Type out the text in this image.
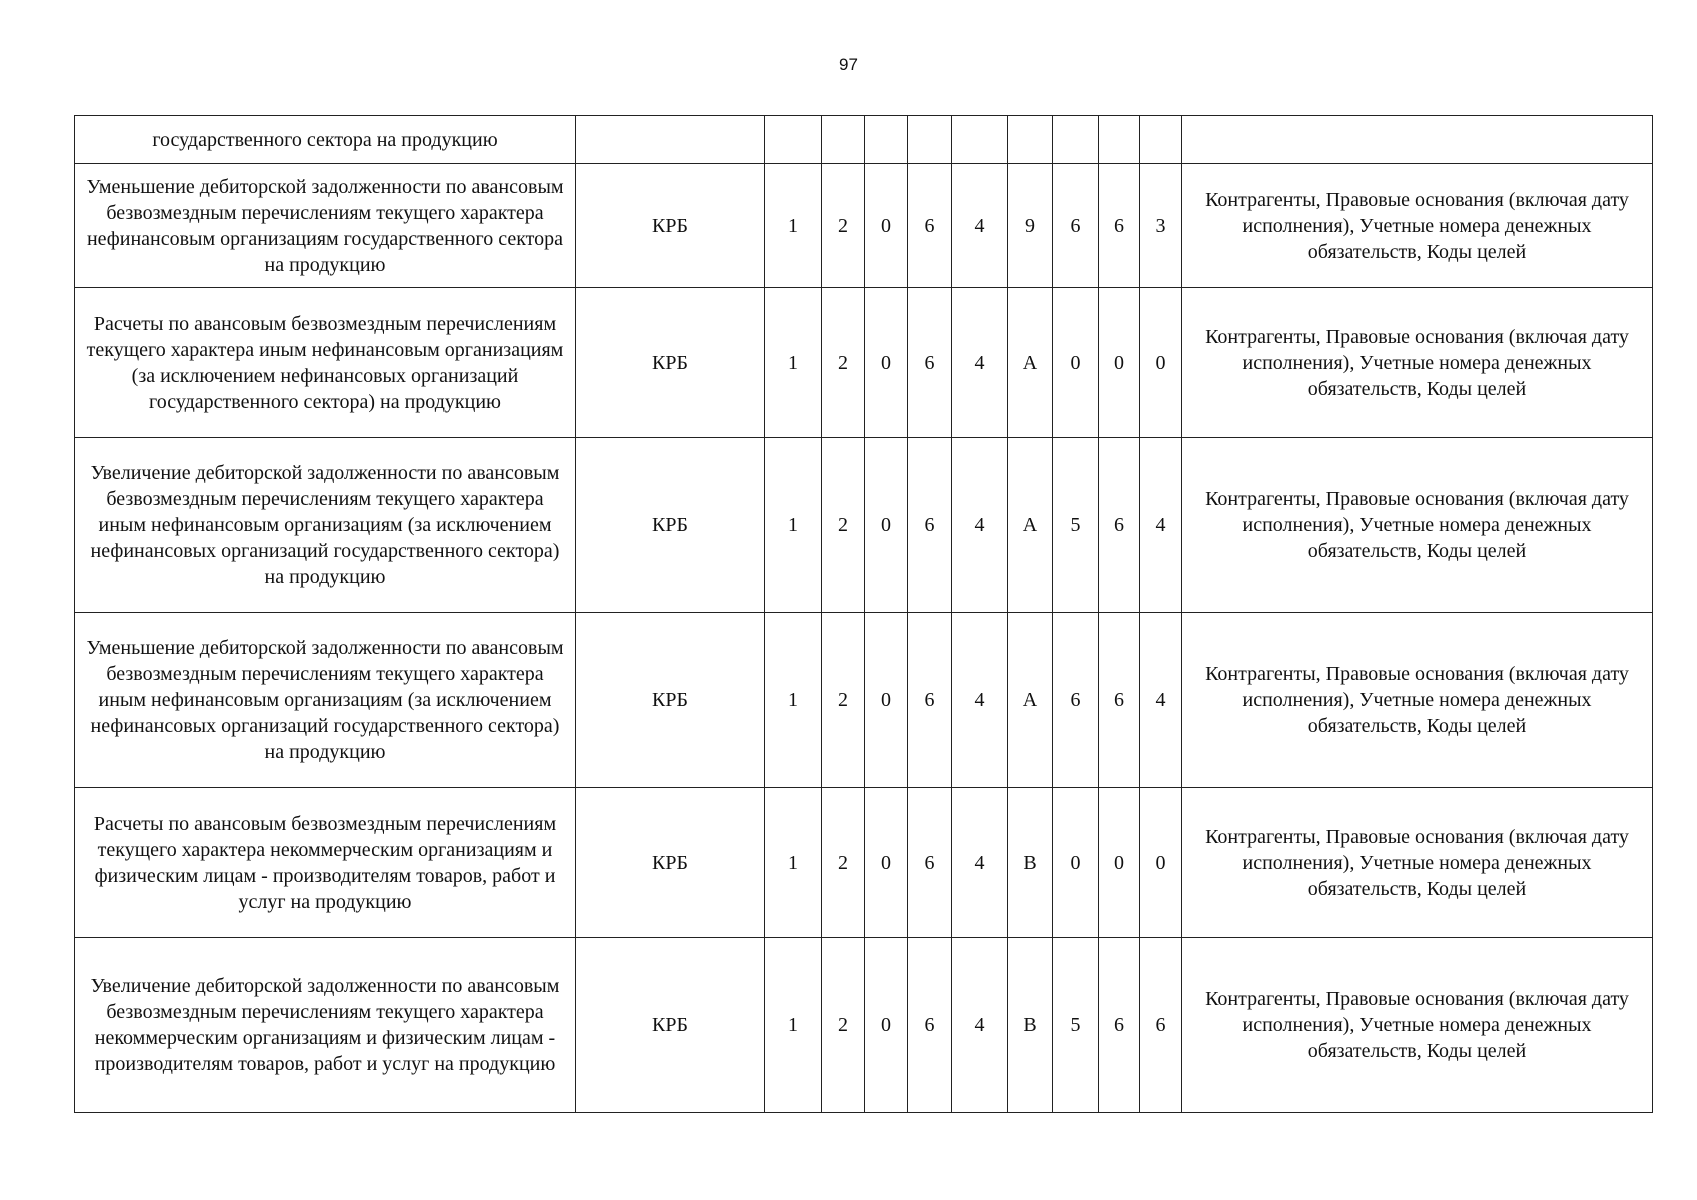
97
государственного сектора на продукцию											
Уменьшение дебиторской задолженности по авансовым безвозмездным перечислениям текущего характера нефинансовым организациям государственного сектора на продукцию	КРБ	1	2	0	6	4	9	6	6	3	Контрагенты, Правовые основания (включая дату исполнения), Учетные номера денежных обязательств, Коды целей
Расчеты по авансовым безвозмездным перечислениям текущего характера иным нефинансовым организациям (за исключением нефинансовых организаций государственного сектора) на продукцию	КРБ	1	2	0	6	4	А	0	0	0	Контрагенты, Правовые основания (включая дату исполнения), Учетные номера денежных обязательств, Коды целей
Увеличение дебиторской задолженности по авансовым безвозмездным перечислениям текущего характера иным нефинансовым организациям (за исключением нефинансовых организаций государственного сектора) на продукцию	КРБ	1	2	0	6	4	А	5	6	4	Контрагенты, Правовые основания (включая дату исполнения), Учетные номера денежных обязательств, Коды целей
Уменьшение дебиторской задолженности по авансовым безвозмездным перечислениям текущего характера иным нефинансовым организациям (за исключением нефинансовых организаций государственного сектора) на продукцию	КРБ	1	2	0	6	4	А	6	6	4	Контрагенты, Правовые основания (включая дату исполнения), Учетные номера денежных обязательств, Коды целей
Расчеты по авансовым безвозмездным перечислениям текущего характера некоммерческим организациям и физическим лицам - производителям товаров, работ и услуг на продукцию	КРБ	1	2	0	6	4	В	0	0	0	Контрагенты, Правовые основания (включая дату исполнения), Учетные номера денежных обязательств, Коды целей
Увеличение дебиторской задолженности по авансовым безвозмездным перечислениям текущего характера некоммерческим организациям и физическим лицам - производителям товаров, работ и услуг на продукцию	КРБ	1	2	0	6	4	В	5	6	6	Контрагенты, Правовые основания (включая дату исполнения), Учетные номера денежных обязательств, Коды целей
